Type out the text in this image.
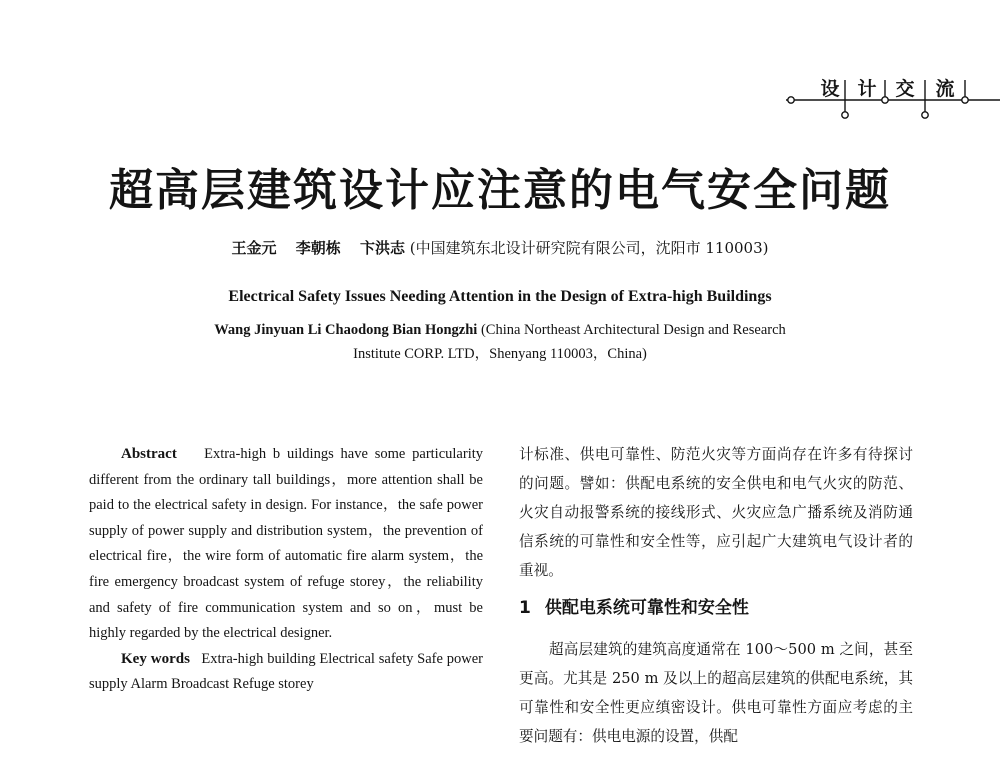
设 计 交 流
超高层建筑设计应注意的电气安全问题
王金元 李朝栋 卞洪志 (中国建筑东北设计研究院有限公司，沈阳市 110003)
Electrical Safety Issues Needing Attention in the Design of Extra-high Buildings
Wang Jinyuan Li Chaodong Bian Hongzhi (China Northeast Architectural Design and Research
Institute CORP. LTD，Shenyang 110003，China)

Abstract Extra-high b uildings have some particularity different from the ordinary tall buildings，more attention shall be paid to the electrical safety in design. For instance，the safe power supply of power supply and distribution system，the prevention of electrical fire，the wire form of automatic fire alarm system，the fire emergency broadcast system of refuge storey，the reliability and safety of fire communication system and so on，must be highly regarded by the electrical designer.

Key words Extra-high building Electrical safety Safe power supply Alarm Broadcast Refuge storey

计标准、供电可靠性、防范火灾等方面尚存在许多有待探讨的问题。譬如：供配电系统的安全供电和电气火灾的防范、火灾自动报警系统的接线形式、火灾应急广播系统及消防通信系统的可靠性和安全性等，应引起广大建筑电气设计者的重视。

1 供配电系统可靠性和安全性

超高层建筑的建筑高度通常在 100～500 m 之间，甚至更高。尤其是 250 m 及以上的超高层建筑的供配电系统，其可靠性和安全性更应缜密设计。供电可靠性方面应考虑的主要问题有：供电电源的设置，供配
